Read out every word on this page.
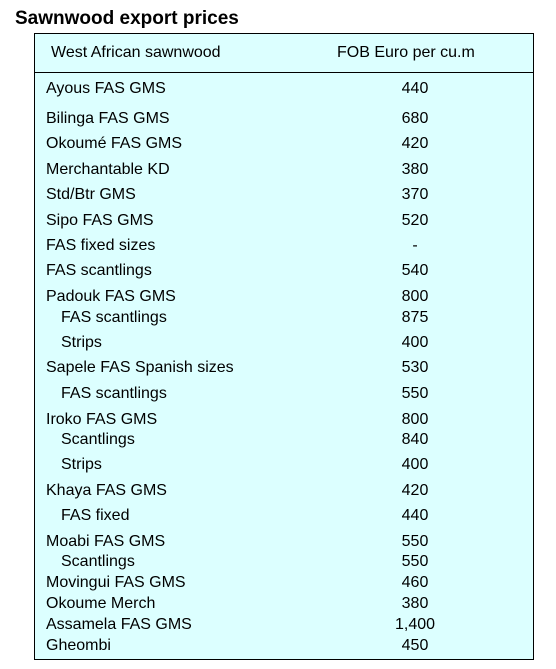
Sawnwood export prices
West African sawnwood	FOB Euro per cu.m
Ayous FAS GMS	440
Bilinga FAS GMS	680
Okoumé FAS GMS	420
Merchantable KD	380
Std/Btr GMS	370
Sipo FAS GMS	520
FAS fixed sizes	-
FAS scantlings	540
Padouk FAS GMS	800
FAS scantlings	875
Strips	400
Sapele FAS Spanish sizes	530
FAS scantlings	550
Iroko FAS GMS	800
Scantlings	840
Strips	400
Khaya FAS GMS	420
FAS fixed	440
Moabi FAS GMS	550
Scantlings	550
Movingui FAS GMS	460
Okoume Merch	380
Assamela FAS GMS	1,400
Gheombi	450
